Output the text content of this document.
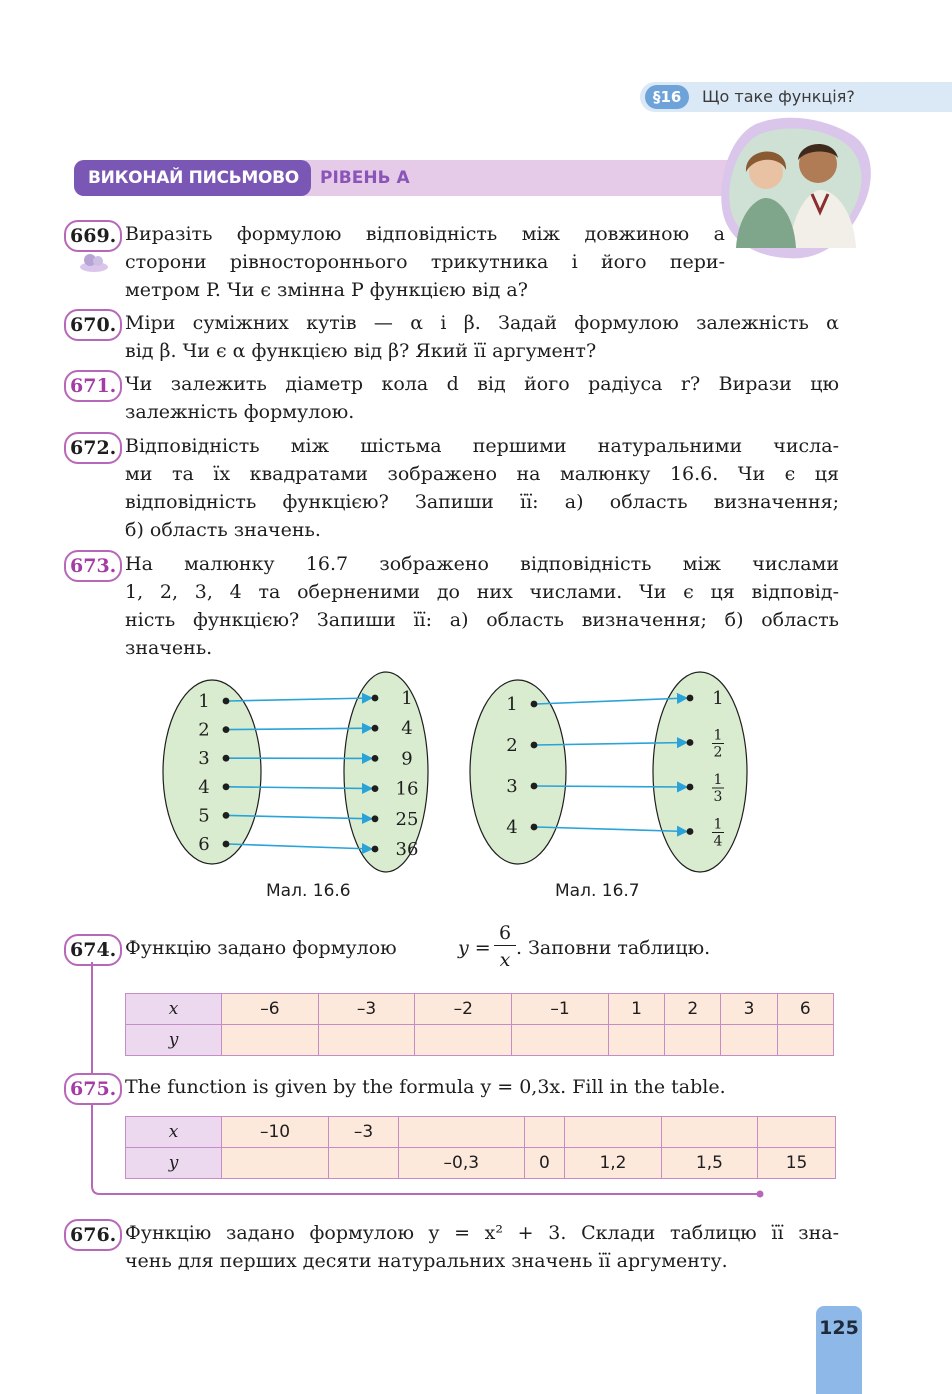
§16	Що таке функція?
ВИКОНАЙ ПИСЬМОВО	РІВЕНЬ А
669. Виразіть формулою відповідність між довжиною a
сторони рівностороннього трикутника і його пери-
метром P. Чи є змінна P функцією від a?
670. Міри суміжних кутів — α і β. Задай формулою залежність α
від β. Чи є α функцією від β? Який її аргумент?
671. Чи залежить діаметр кола d від його радіуса r? Вирази цю
залежність формулою.
672. Відповідність між шістьма першими натуральними числа-
ми та їх квадратами зображено на малюнку 16.6. Чи є ця
відповідність функцією? Запиши її: а) область визначення;
б) область значень.
673. На малюнку 16.7 зображено відповідність між числами
1, 2, 3, 4 та оберненими до них числами. Чи є ця відповід-
ність функцією? Запиши її: а) область визначення; б) область
значень.
1
2
3
4
5
6
1
4
9
16
25
36
Мал. 16.6
1
2
3
4
1
1
2
1
3
1
4
Мал. 16.7
674. Функцію задано формулою	y =
6
x
. Заповни таблицю.
x	–6	–3	–2	–1	1	2	3	6
y								
675. The function is given by the formula y = 0,3x. Fill in the table.
x	–10	–3					
y			–0,3	0	1,2	1,5	15
676. Функцію задано формулою y = x² + 3. Склади таблицю її зна-
чень для перших десяти натуральних значень її аргументу.
125
